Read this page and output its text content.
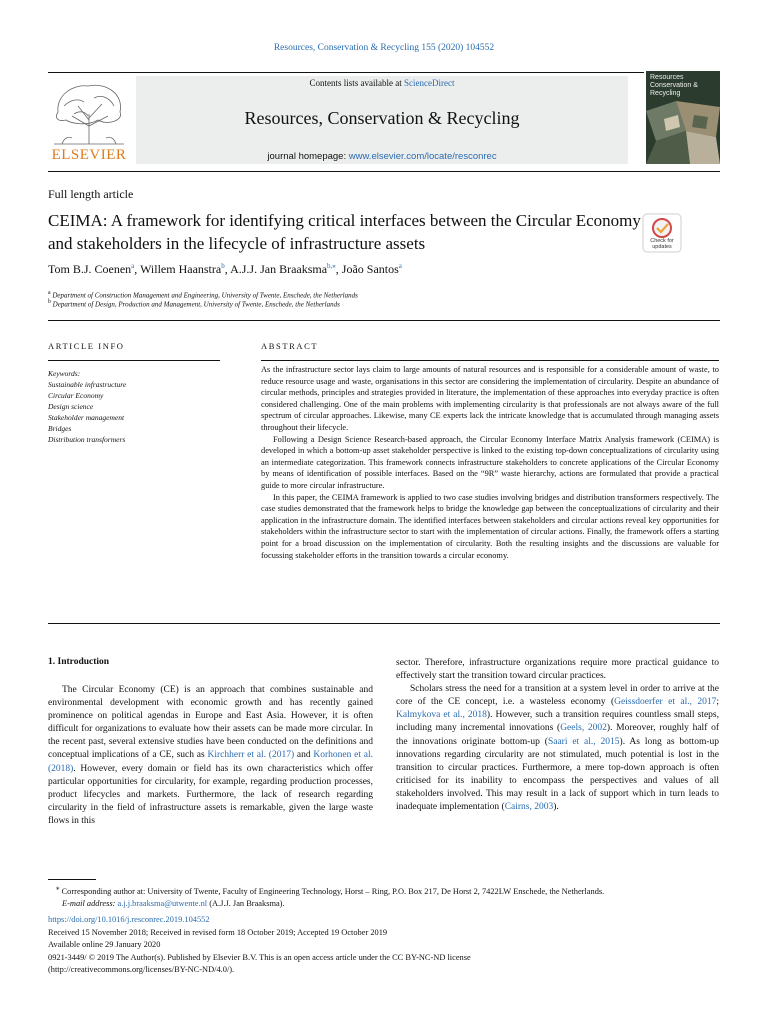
Resources, Conservation & Recycling 155 (2020) 104552
ELSEVIER
Contents lists available at ScienceDirect
Resources, Conservation & Recycling
journal homepage: www.elsevier.com/locate/resconrec
Resources Conservation & Recycling
Full length article
CEIMA: A framework for identifying critical interfaces between the Circular Economy and stakeholders in the lifecycle of infrastructure assets	Check for updates
Tom B.J. Coenen$^a$, Willem Haanstra$^b$, A.J.J. Jan Braaksma$^{b,⁎}$, João Santos$^a$
$^a$ Department of Construction Management and Engineering, University of Twente, Enschede, the Netherlands
$^b$ Department of Design, Production and Management, University of Twente, Enschede, the Netherlands
ARTICLE INFO
Keywords:
Sustainable infrastructure
Circular Economy
Design science
Stakeholder management
Bridges
Distribution transformers
ABSTRACT

As the infrastructure sector lays claim to large amounts of natural resources and is responsible for a considerable amount of waste, to reduce resource usage and waste, organisations in this sector are considering the implementation of circularity. Despite an abundance of circular methods, principles and strategies provided in literature, the implementation of these approaches into everyday practice is often considered challenging. One of the main problems with implementing circularity is that professionals are not always aware of the full spectrum of circular approaches. Likewise, many CE experts lack the intricate knowledge that is accumulated through managing assets throughout their lifecycle.

Following a Design Science Research-based approach, the Circular Economy Interface Matrix Analysis framework (CEIMA) is developed in which a bottom-up asset stakeholder perspective is linked to the existing top-down conceptualizations of circularity using an intermediate categorization. This framework connects infrastructure stakeholders to concrete applications of the Circular Economy by means of identification of possible interfaces. Based on the “9R” waste hierarchy, actions are formulated that provide a practical guide to more circular infrastructure.

In this paper, the CEIMA framework is applied to two case studies involving bridges and distribution transformers respectively. The case studies demonstrated that the framework helps to bridge the knowledge gap between the conceptualizations of circularity and their application in the infrastructure domain. The identified interfaces between stakeholders and circular actions reveal key opportunities for stakeholders within the infrastructure sector to start with the implementation of circular actions. Finally, the framework offers a starting point for a broad discussion on the implementation of circularity. Both the resulting insights and the discussions are valuable for focussing stakeholder efforts in the transition towards a circular economy.

1. Introduction

The Circular Economy (CE) is an approach that combines sustainable and environmental development with economic growth and has recently gained prominence on political agendas in Europe and East Asia. However, it is often difficult for organizations to evaluate how their assets can be made more circular. In the recent past, several extensive studies have been conducted on the definitions and conceptual implications of a CE, such as Kirchherr et al. (2017) and Korhonen et al. (2018). However, every domain or field has its own characteristics which offer particular opportunities for circularity, for example, regarding production processes, product lifecycles and markets. Furthermore, the lack of research regarding circularity in the field of infrastructure assets is remarkable, given the large waste flows in this

sector. Therefore, infrastructure organizations require more practical guidance to effectively start the transition toward circular practices.

Scholars stress the need for a transition at a system level in order to arrive at the core of the CE concept, i.e. a wasteless economy (Geissdoerfer et al., 2017; Kalmykova et al., 2018). However, such a transition requires countless small steps, including many incremental innovations (Geels, 2002). Moreover, roughly half of the innovations originate bottom-up (Saari et al., 2015). As long as bottom-up innovations regarding circularity are not stimulated, much potential is lost in the transition to circular practices. Furthermore, a mere top-down approach is often criticised for its inability to encompass the perspectives and values of all stakeholders involved. This may result in a lack of support which in turn leads to inadequate implementation (Cairns, 2003).

⁎ Corresponding author at: University of Twente, Faculty of Engineering Technology, Horst – Ring, P.O. Box 217, De Horst 2, 7422LW Enschede, the Netherlands.
E-mail address: a.j.j.braaksma@utwente.nl (A.J.J. Jan Braaksma).
https://doi.org/10.1016/j.resconrec.2019.104552
Received 15 November 2018; Received in revised form 18 October 2019; Accepted 19 October 2019
Available online 29 January 2020
0921-3449/ © 2019 The Author(s). Published by Elsevier B.V. This is an open access article under the CC BY-NC-ND license
(http://creativecommons.org/licenses/BY-NC-ND/4.0/).
